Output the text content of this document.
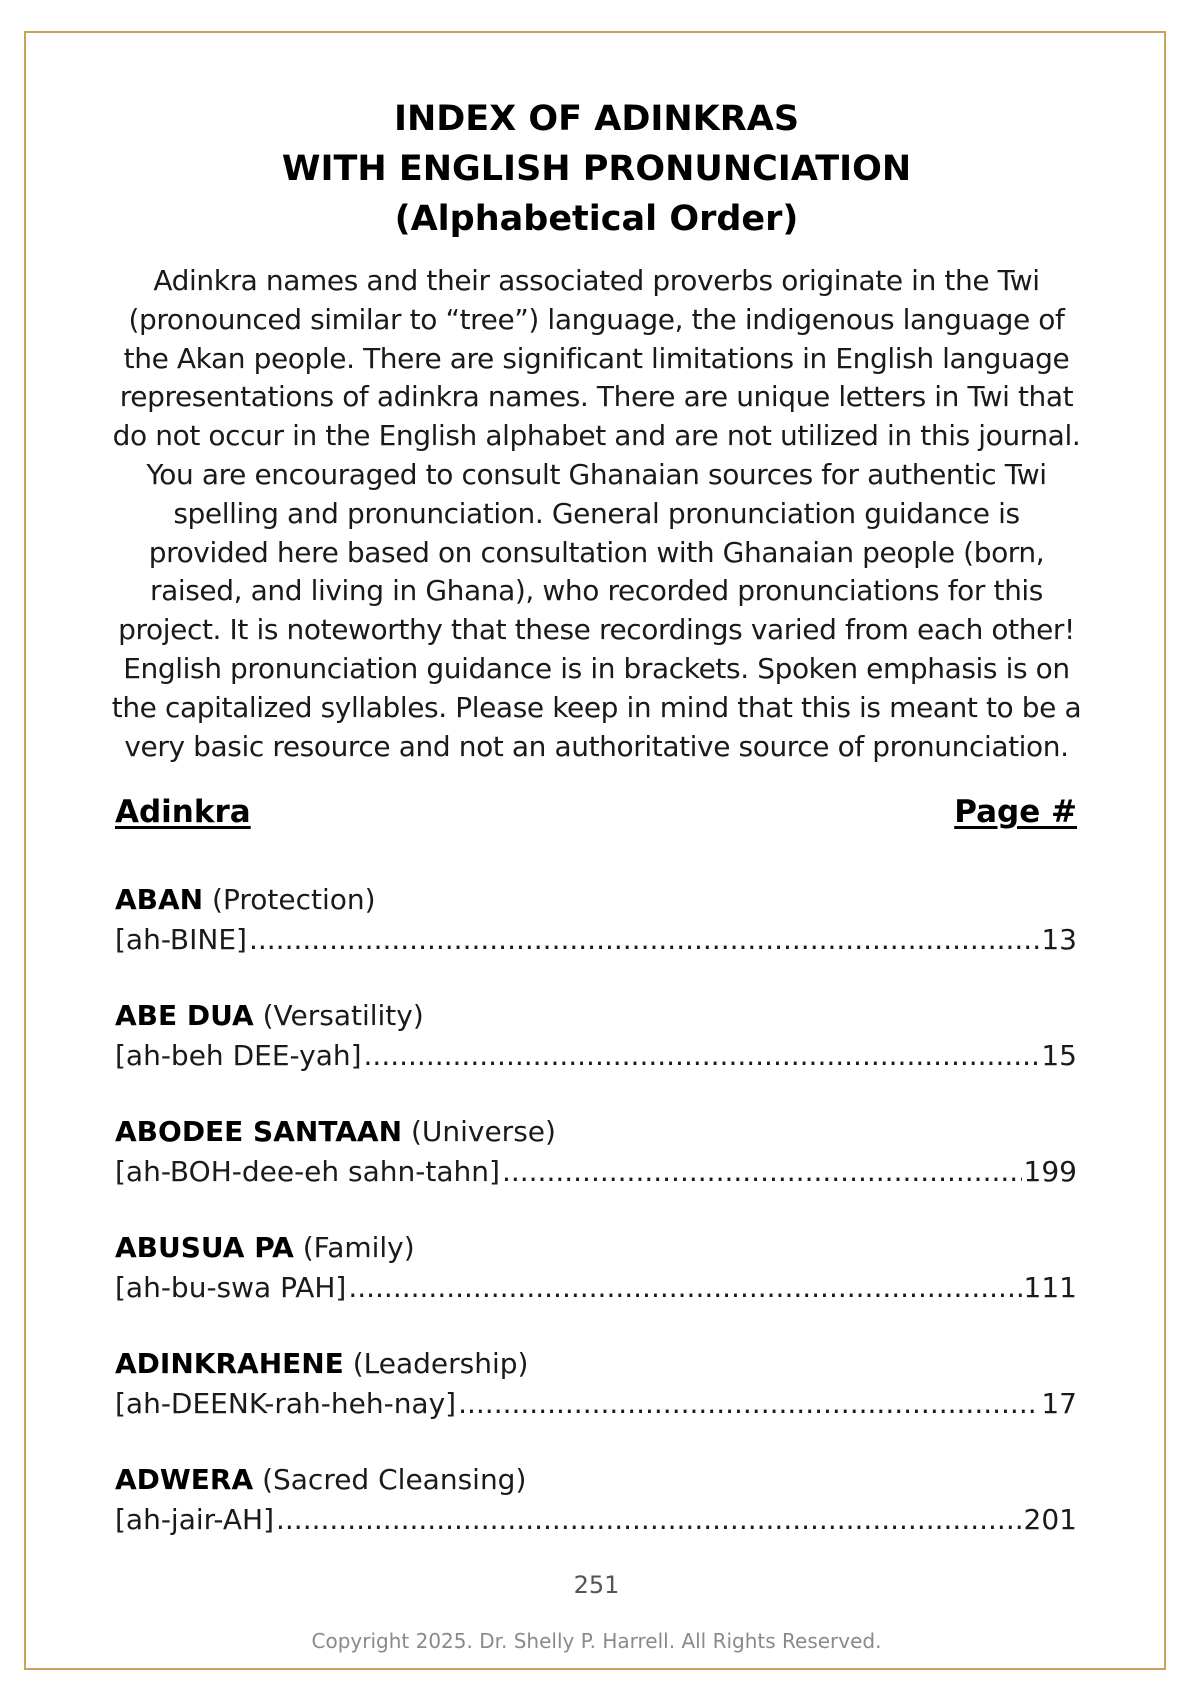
INDEX OF ADINKRAS
WITH ENGLISH PRONUNCIATION
(Alphabetical Order)
Adinkra names and their associated proverbs originate in the Twi
(pronounced similar to “tree”) language, the indigenous language of
the Akan people. There are significant limitations in English language
representations of adinkra names. There are unique letters in Twi that
do not occur in the English alphabet and are not utilized in this journal.
You are encouraged to consult Ghanaian sources for authentic Twi
spelling and pronunciation. General pronunciation guidance is
provided here based on consultation with Ghanaian people (born,
raised, and living in Ghana), who recorded pronunciations for this
project. It is noteworthy that these recordings varied from each other!
English pronunciation guidance is in brackets. Spoken emphasis is on
the capitalized syllables. Please keep in mind that this is meant to be a
very basic resource and not an authoritative source of pronunciation.
Adinkra	Page #
ABAN (Protection)
[ah-BINE] .....	13
ABE DUA (Versatility)
[ah-beh DEE-yah] .....	15
ABODEE SANTAAN (Universe)
[ah-BOH-dee-eh sahn-tahn] .....	199
ABUSUA PA (Family)
[ah-bu-swa PAH] .....	111
ADINKRAHENE (Leadership)
[ah-DEENK-rah-heh-nay] .....	17
ADWERA (Sacred Cleansing)
[ah-jair-AH] .....	201
251
Copyright 2025. Dr. Shelly P. Harrell. All Rights Reserved.
